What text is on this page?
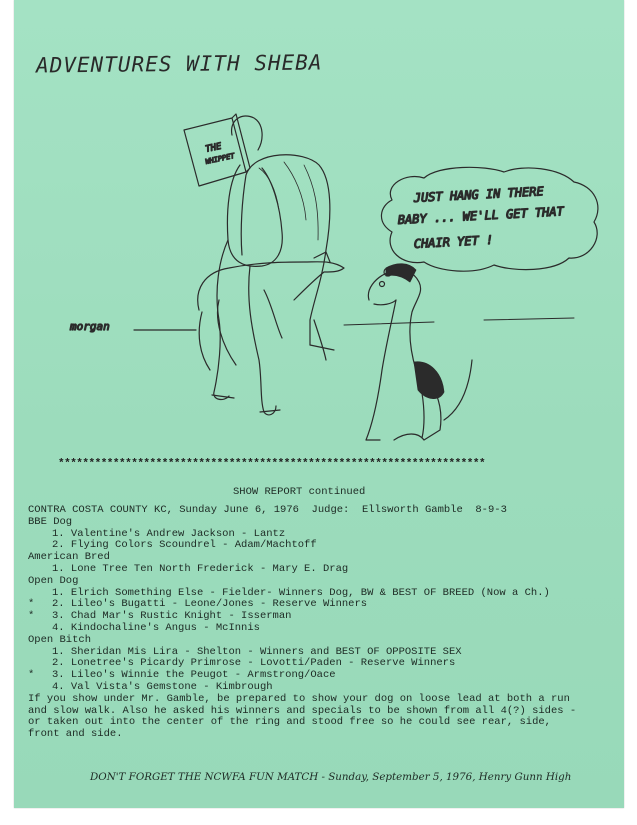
ADVENTURES WITH SHEBA
THE
WHIPPET
JUST HANG IN THERE
BABY ... WE'LL GET THAT
CHAIR YET !
morgan
**********************************************************************
SHOW REPORT continued
CONTRA COSTA COUNTY KC, Sunday June 6, 1976  Judge:  Ellsworth Gamble  8-9-3
BBE Dog
1. Valentine's Andrew Jackson - Lantz
2. Flying Colors Scoundrel - Adam/Machtoff
American Bred
1. Lone Tree Ten North Frederick - Mary E. Drag
Open Dog
1. Elrich Something Else - Fielder- Winners Dog, BW & BEST OF BREED (Now a Ch.)
* 2. Lileo's Bugatti - Leone/Jones - Reserve Winners
* 3. Chad Mar's Rustic Knight - Isserman
4. Kindochaline's Angus - McInnis
Open Bitch
1. Sheridan Mis Lira - Shelton - Winners and BEST OF OPPOSITE SEX
2. Lonetree's Picardy Primrose - Lovotti/Paden - Reserve Winners
* 3. Lileo's Winnie the Peugot - Armstrong/Oace
4. Val Vista's Gemstone - Kimbrough
If you show under Mr. Gamble, be prepared to show your dog on loose lead at both a run and slow walk. Also he asked his winners and specials to be shown from all 4(?) sides - or taken out into the center of the ring and stood free so he could see rear, side, front and side.
DON'T FORGET THE NCWFA FUN MATCH - Sunday, September 5, 1976, Henry Gunn High
